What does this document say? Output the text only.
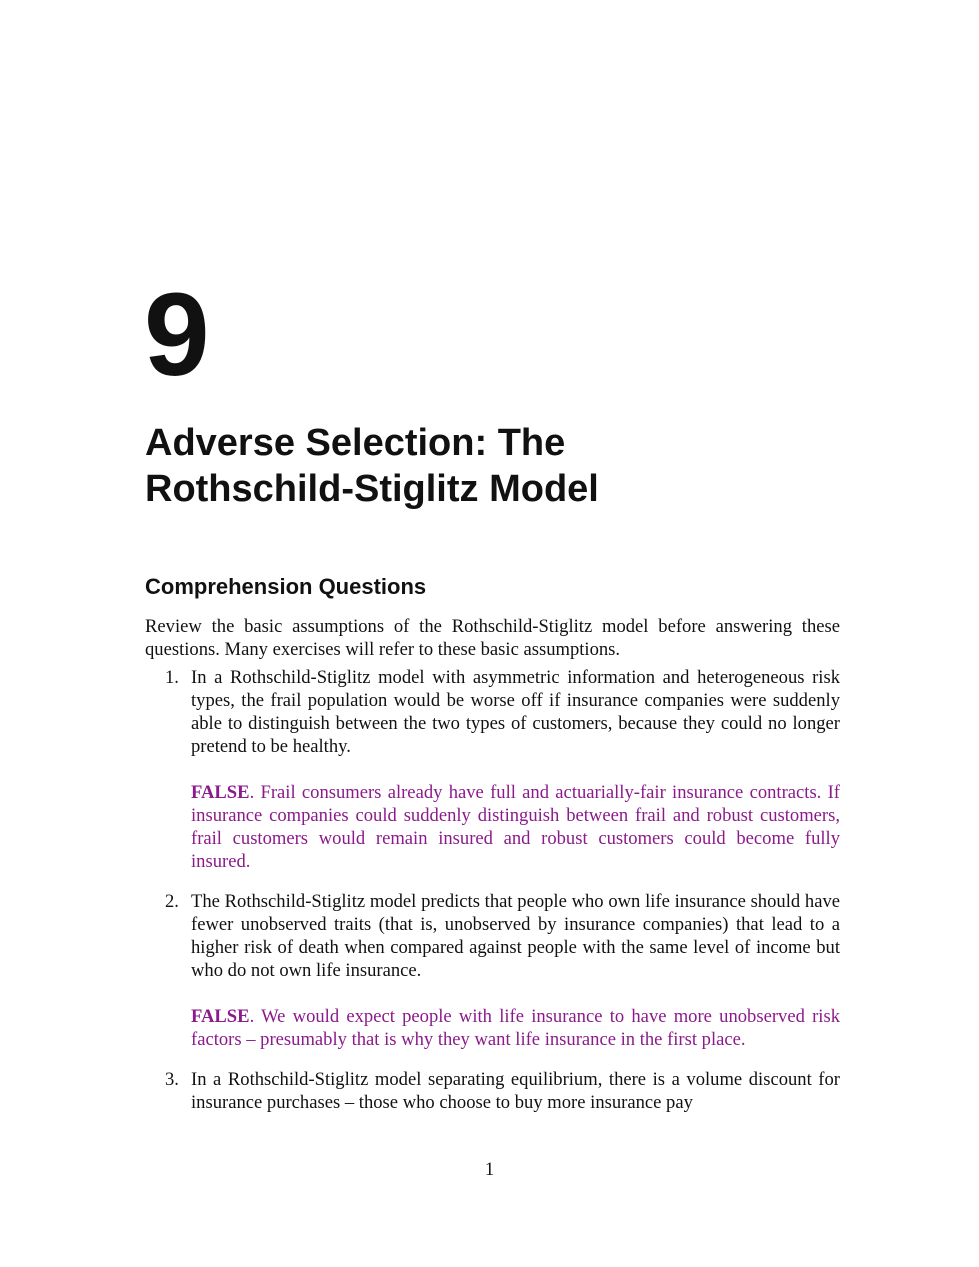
9
Adverse Selection: The
Rothschild-Stiglitz Model
Comprehension Questions

Review the basic assumptions of the Rothschild-Stiglitz model before answering these questions. Many exercises will refer to these basic assumptions.

1. In a Rothschild-Stiglitz model with asymmetric information and heterogeneous risk types, the frail population would be worse off if insurance companies were suddenly able to distinguish between the two types of customers, because they could no longer pretend to be healthy.

FALSE. Frail consumers already have full and actuarially-fair insurance contracts. If insurance companies could suddenly distinguish between frail and robust customers, frail customers would remain insured and robust customers could become fully insured.

2. The Rothschild-Stiglitz model predicts that people who own life insurance should have fewer unobserved traits (that is, unobserved by insurance companies) that lead to a higher risk of death when compared against people with the same level of income but who do not own life insurance.

FALSE. We would expect people with life insurance to have more unobserved risk factors – presumably that is why they want life insurance in the first place.

3. In a Rothschild-Stiglitz model separating equilibrium, there is a volume discount for insurance purchases – those who choose to buy more insurance pay

1
